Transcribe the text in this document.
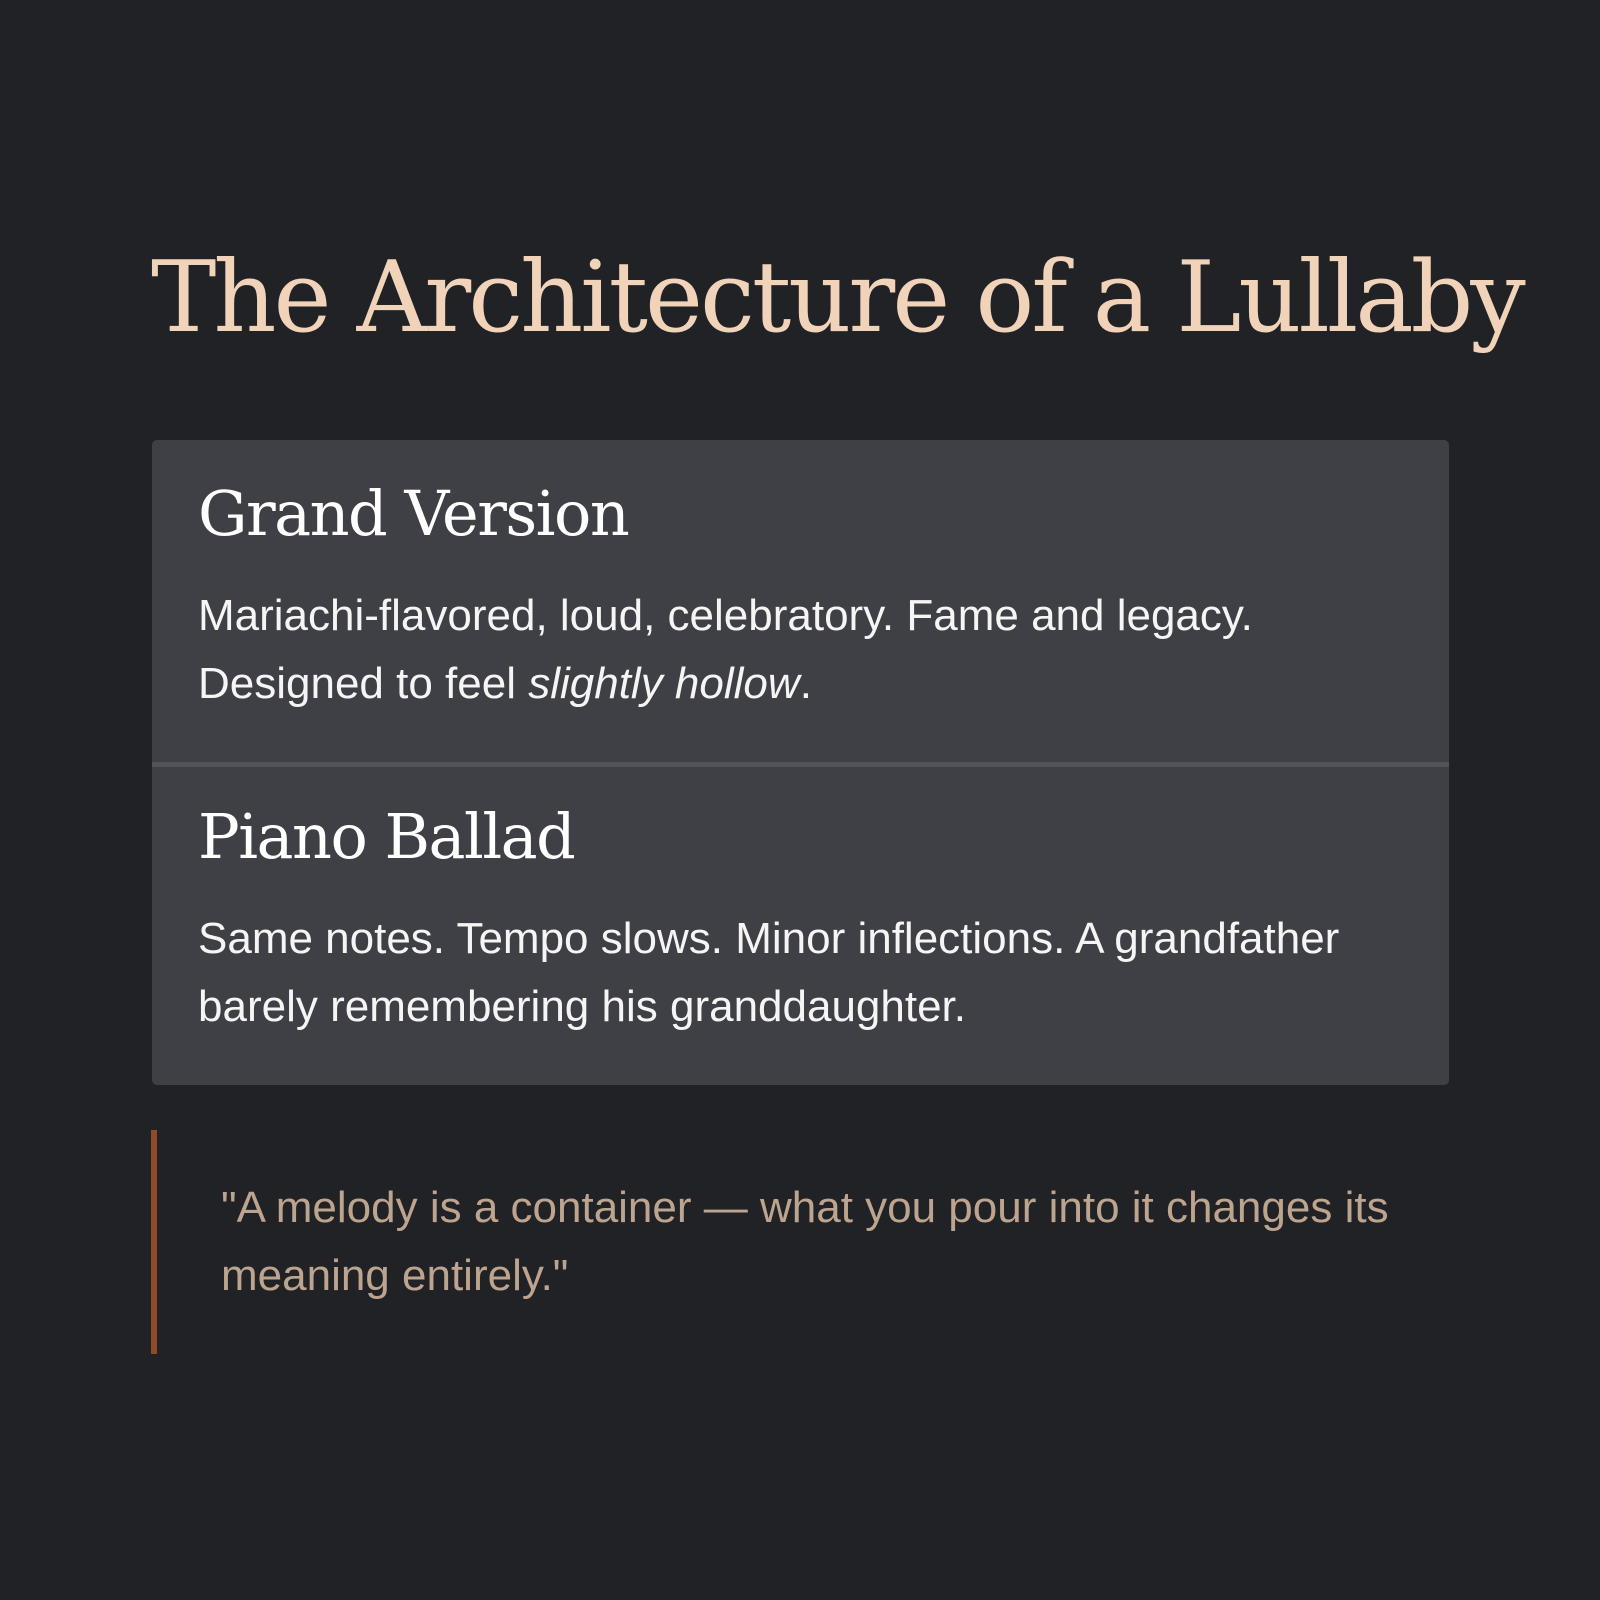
The Architecture of a Lullaby
Grand Version

Mariachi-flavored, loud, celebratory. Fame and legacy. Designed to feel slightly hollow.

Piano Ballad

Same notes. Tempo slows. Minor inflections. A grandfather barely remembering his granddaughter.

"A melody is a container — what you pour into it changes its meaning entirely."
